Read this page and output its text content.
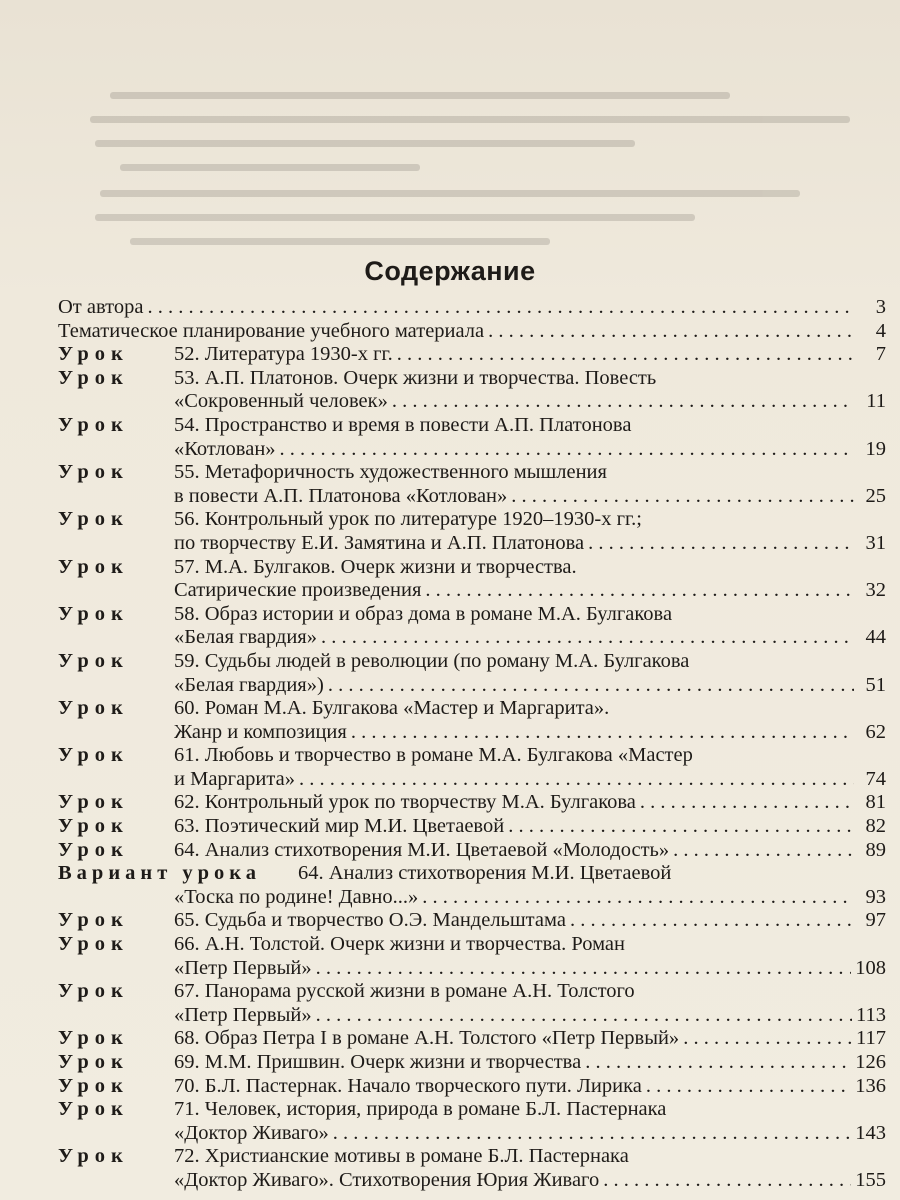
Содержание
От автора . . .	3
Тематическое планирование учебного материала . . .	4
Урок	52. Литература 1930-х гг. . . .	7
Урок	53. А.П. Платонов. Очерк жизни и творчества. Повесть
«Сокровенный человек» . . .	11
Урок	54. Пространство и время в повести А.П. Платонова
«Котлован» . . .	19
Урок	55. Метафоричность художественного мышления
в повести А.П. Платонова «Котлован» . . .	25
Урок	56. Контрольный урок по литературе 1920–1930-х гг.;
по творчеству Е.И. Замятина и А.П. Платонова . . .	31
Урок	57. М.А. Булгаков. Очерк жизни и творчества.
Сатирические произведения . . .	32
Урок	58. Образ истории и образ дома в романе М.А. Булгакова
«Белая гвардия» . . .	44
Урок	59. Судьбы людей в революции (по роману М.А. Булгакова
«Белая гвардия») . . .	51
Урок	60. Роман М.А. Булгакова «Мастер и Маргарита».
Жанр и композиция . . .	62
Урок	61. Любовь и творчество в романе М.А. Булгакова «Мастер
и Маргарита» . . .	74
Урок	62. Контрольный урок по творчеству М.А. Булгакова . . .	81
Урок	63. Поэтический мир М.И. Цветаевой . . .	82
Урок	64. Анализ стихотворения М.И. Цветаевой «Молодость» . . .	89
Вариант урока	64. Анализ стихотворения М.И. Цветаевой
«Тоска по родине! Давно...» . . .	93
Урок	65. Судьба и творчество О.Э. Мандельштама . . .	97
Урок	66. А.Н. Толстой. Очерк жизни и творчества. Роман
«Петр Первый» . . .	108
Урок	67. Панорама русской жизни в романе А.Н. Толстого
«Петр Первый» . . .	113
Урок	68. Образ Петра I в романе А.Н. Толстого «Петр Первый» . . .	117
Урок	69. М.М. Пришвин. Очерк жизни и творчества . . .	126
Урок	70. Б.Л. Пастернак. Начало творческого пути. Лирика . . .	136
Урок	71. Человек, история, природа в романе Б.Л. Пастернака
«Доктор Живаго» . . .	143
Урок	72. Христианские мотивы в романе Б.Л. Пастернака
«Доктор Живаго». Стихотворения Юрия Живаго . . .	155
